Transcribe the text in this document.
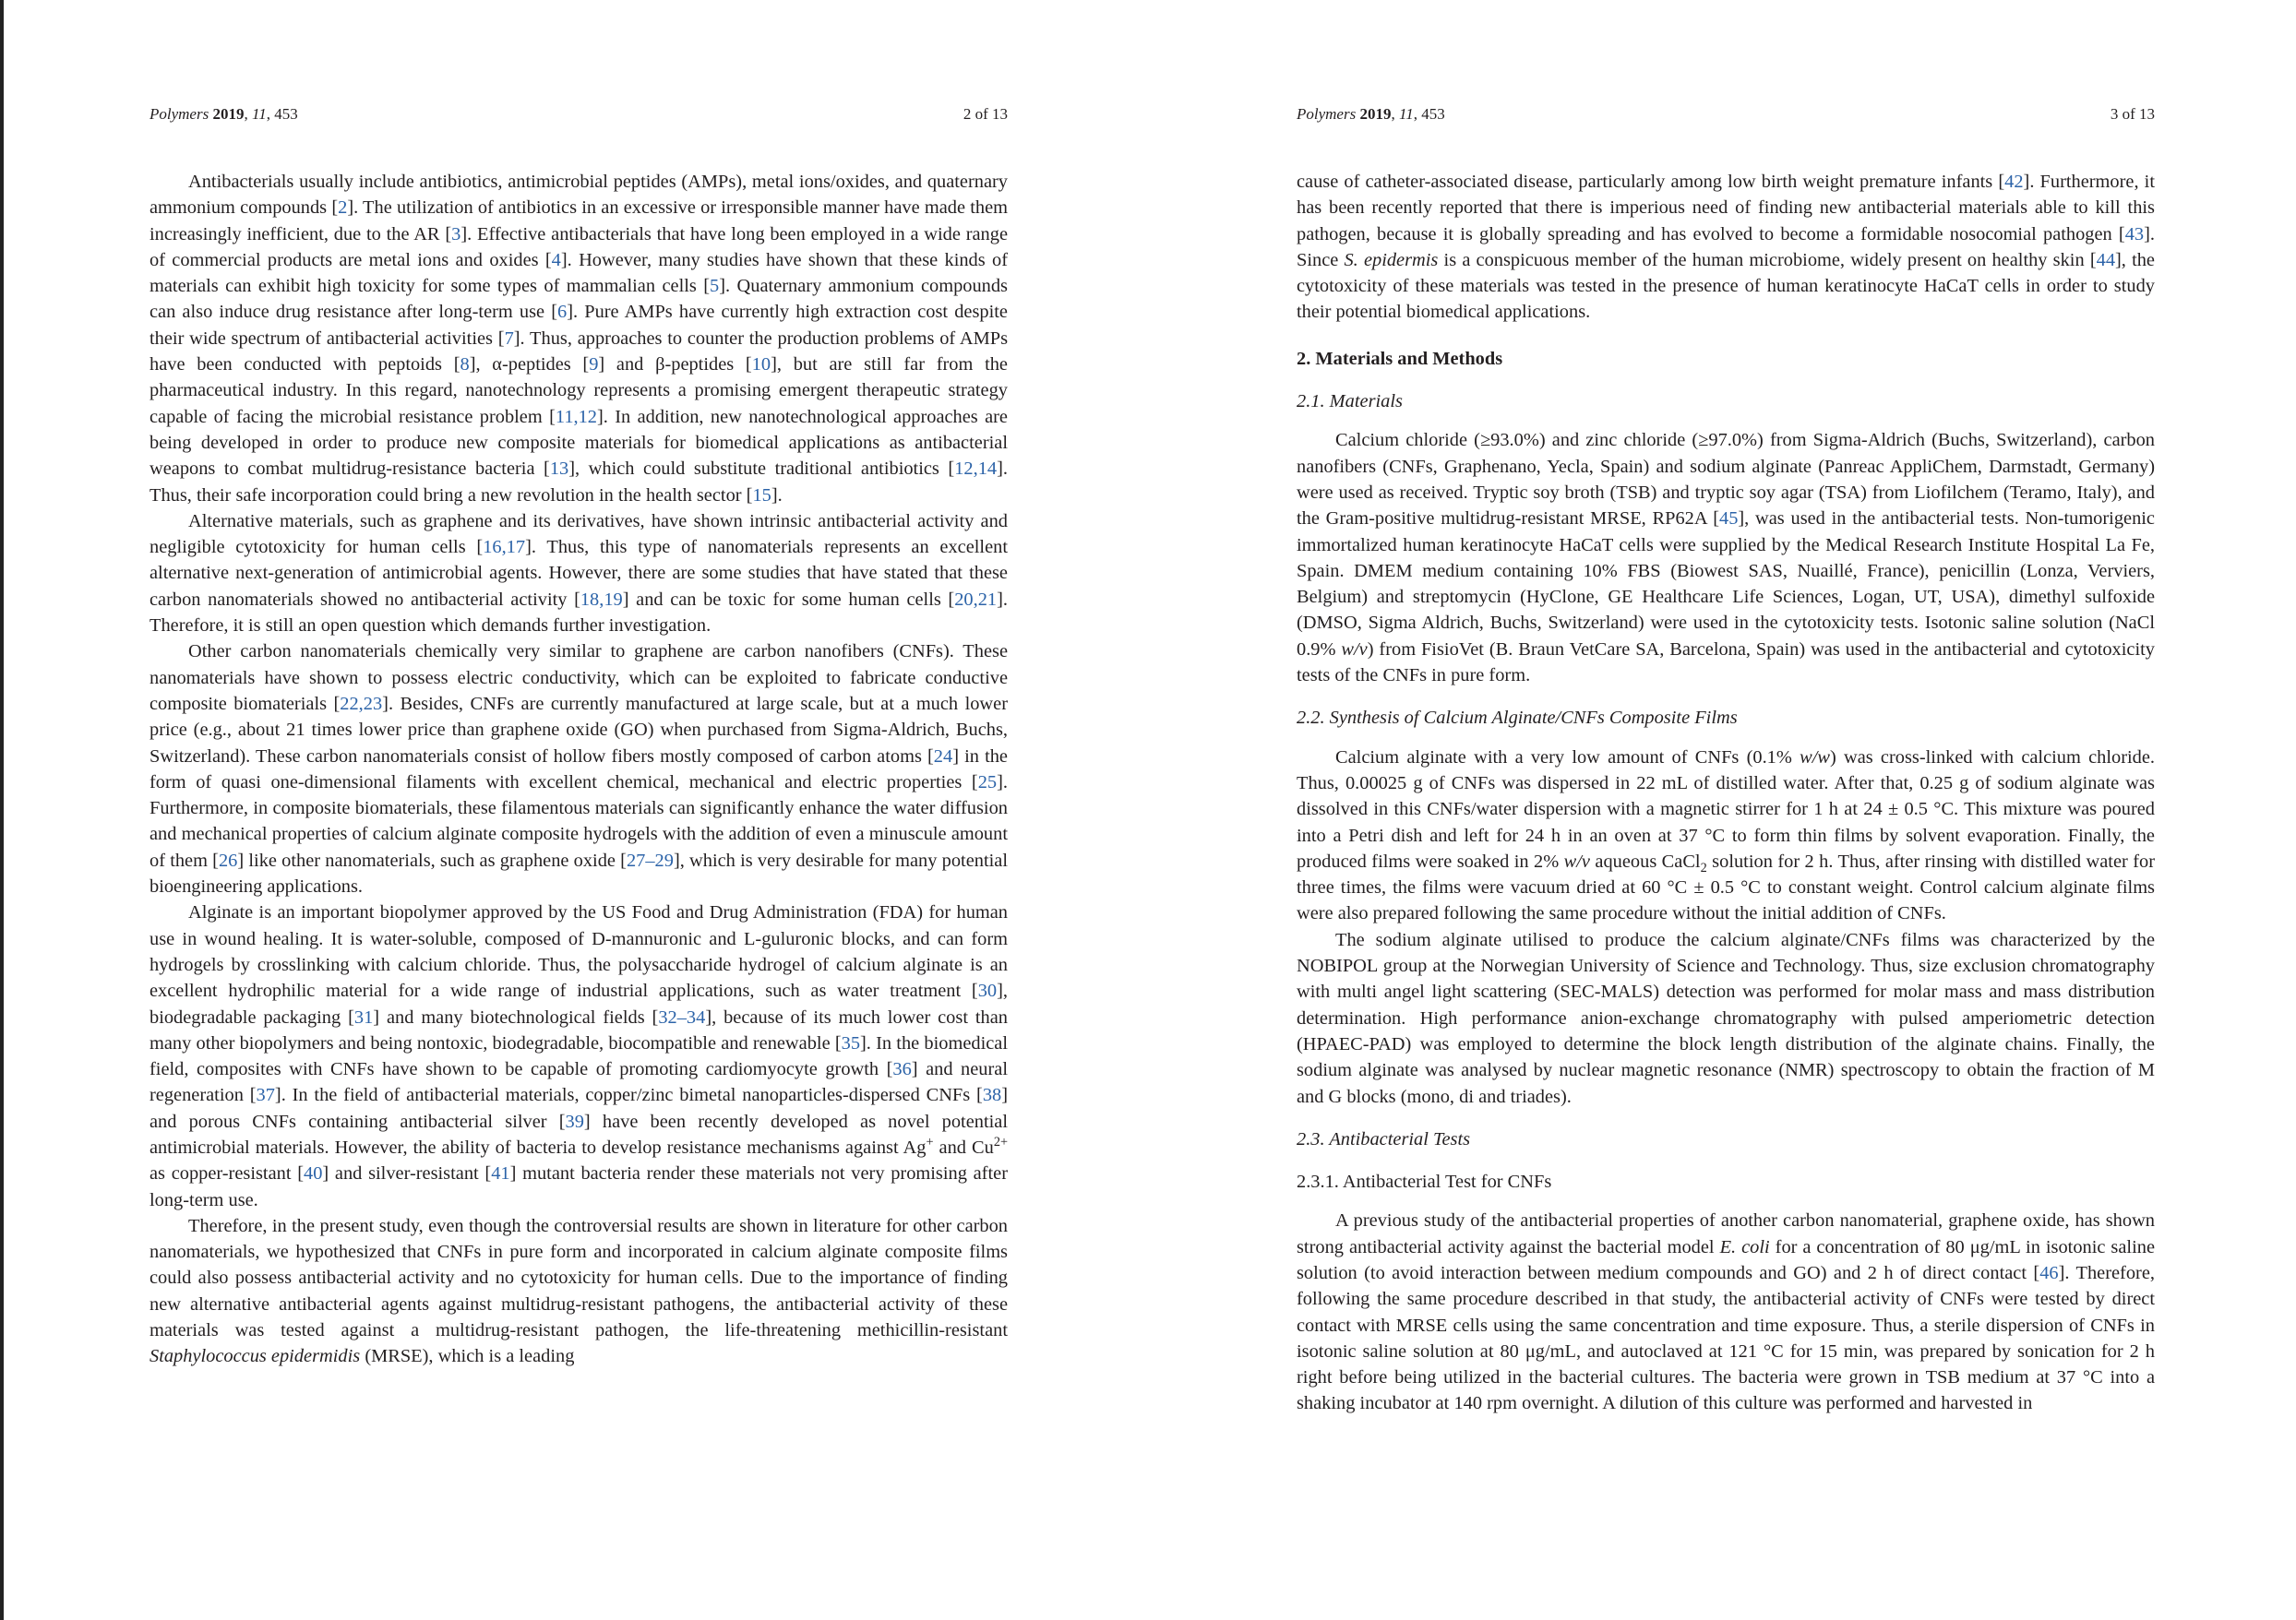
Polymers 2019, 11, 453	2 of 13

Antibacterials usually include antibiotics, antimicrobial peptides (AMPs), metal ions/oxides, and quaternary ammonium compounds [2]. The utilization of antibiotics in an excessive or irresponsible manner have made them increasingly inefficient, due to the AR [3]. Effective antibacterials that have long been employed in a wide range of commercial products are metal ions and oxides [4]. However, many studies have shown that these kinds of materials can exhibit high toxicity for some types of mammalian cells [5]. Quaternary ammonium compounds can also induce drug resistance after long-term use [6]. Pure AMPs have currently high extraction cost despite their wide spectrum of antibacterial activities [7]. Thus, approaches to counter the production problems of AMPs have been conducted with peptoids [8], α-peptides [9] and β-peptides [10], but are still far from the pharmaceutical industry. In this regard, nanotechnology represents a promising emergent therapeutic strategy capable of facing the microbial resistance problem [11,12]. In addition, new nanotechnological approaches are being developed in order to produce new composite materials for biomedical applications as antibacterial weapons to combat multidrug-resistance bacteria [13], which could substitute traditional antibiotics [12,14]. Thus, their safe incorporation could bring a new revolution in the health sector [15].

Alternative materials, such as graphene and its derivatives, have shown intrinsic antibacterial activity and negligible cytotoxicity for human cells [16,17]. Thus, this type of nanomaterials represents an excellent alternative next-generation of antimicrobial agents. However, there are some studies that have stated that these carbon nanomaterials showed no antibacterial activity [18,19] and can be toxic for some human cells [20,21]. Therefore, it is still an open question which demands further investigation.

Other carbon nanomaterials chemically very similar to graphene are carbon nanofibers (CNFs). These nanomaterials have shown to possess electric conductivity, which can be exploited to fabricate conductive composite biomaterials [22,23]. Besides, CNFs are currently manufactured at large scale, but at a much lower price (e.g., about 21 times lower price than graphene oxide (GO) when purchased from Sigma-Aldrich, Buchs, Switzerland). These carbon nanomaterials consist of hollow fibers mostly composed of carbon atoms [24] in the form of quasi one-dimensional filaments with excellent chemical, mechanical and electric properties [25]. Furthermore, in composite biomaterials, these filamentous materials can significantly enhance the water diffusion and mechanical properties of calcium alginate composite hydrogels with the addition of even a minuscule amount of them [26] like other nanomaterials, such as graphene oxide [27–29], which is very desirable for many potential bioengineering applications.

Alginate is an important biopolymer approved by the US Food and Drug Administration (FDA) for human use in wound healing. It is water-soluble, composed of D-mannuronic and L-guluronic blocks, and can form hydrogels by crosslinking with calcium chloride. Thus, the polysaccharide hydrogel of calcium alginate is an excellent hydrophilic material for a wide range of industrial applications, such as water treatment [30], biodegradable packaging [31] and many biotechnological fields [32–34], because of its much lower cost than many other biopolymers and being nontoxic, biodegradable, biocompatible and renewable [35]. In the biomedical field, composites with CNFs have shown to be capable of promoting cardiomyocyte growth [36] and neural regeneration [37]. In the field of antibacterial materials, copper/zinc bimetal nanoparticles-dispersed CNFs [38] and porous CNFs containing antibacterial silver [39] have been recently developed as novel potential antimicrobial materials. However, the ability of bacteria to develop resistance mechanisms against Ag+ and $Cu^{2+}$ as copper-resistant [40] and silver-resistant [41] mutant bacteria render these materials not very promising after long-term use.

Therefore, in the present study, even though the controversial results are shown in literature for other carbon nanomaterials, we hypothesized that CNFs in pure form and incorporated in calcium alginate composite films could also possess antibacterial activity and no cytotoxicity for human cells. Due to the importance of finding new alternative antibacterial agents against multidrug-resistant pathogens, the antibacterial activity of these materials was tested against a multidrug-resistant pathogen, the life-threatening methicillin-resistant Staphylococcus epidermidis (MRSE), which is a leading

Polymers 2019, 11, 453	3 of 13

cause of catheter-associated disease, particularly among low birth weight premature infants [42]. Furthermore, it has been recently reported that there is imperious need of finding new antibacterial materials able to kill this pathogen, because it is globally spreading and has evolved to become a formidable nosocomial pathogen [43]. Since S. epidermis is a conspicuous member of the human microbiome, widely present on healthy skin [44], the cytotoxicity of these materials was tested in the presence of human keratinocyte HaCaT cells in order to study their potential biomedical applications.

2. Materials and Methods

2.1. Materials

Calcium chloride (≥93.0%) and zinc chloride (≥97.0%) from Sigma-Aldrich (Buchs, Switzerland), carbon nanofibers (CNFs, Graphenano, Yecla, Spain) and sodium alginate (Panreac AppliChem, Darmstadt, Germany) were used as received. Tryptic soy broth (TSB) and tryptic soy agar (TSA) from Liofilchem (Teramo, Italy), and the Gram-positive multidrug-resistant MRSE, RP62A [45], was used in the antibacterial tests. Non-tumorigenic immortalized human keratinocyte HaCaT cells were supplied by the Medical Research Institute Hospital La Fe, Spain. DMEM medium containing 10% FBS (Biowest SAS, Nuaillé, France), penicillin (Lonza, Verviers, Belgium) and streptomycin (HyClone, GE Healthcare Life Sciences, Logan, UT, USA), dimethyl sulfoxide (DMSO, Sigma Aldrich, Buchs, Switzerland) were used in the cytotoxicity tests. Isotonic saline solution (NaCl 0.9% w/v) from FisioVet (B. Braun VetCare SA, Barcelona, Spain) was used in the antibacterial and cytotoxicity tests of the CNFs in pure form.

2.2. Synthesis of Calcium Alginate/CNFs Composite Films

Calcium alginate with a very low amount of CNFs (0.1% w/w) was cross-linked with calcium chloride. Thus, 0.00025 g of CNFs was dispersed in 22 mL of distilled water. After that, 0.25 g of sodium alginate was dissolved in this CNFs/water dispersion with a magnetic stirrer for 1 h at 24 ± 0.5 °C. This mixture was poured into a Petri dish and left for 24 h in an oven at 37 °C to form thin films by solvent evaporation. Finally, the produced films were soaked in 2% w/v aqueous CaCl$_2$ solution for 2 h. Thus, after rinsing with distilled water for three times, the films were vacuum dried at 60 °C ± 0.5 °C to constant weight. Control calcium alginate films were also prepared following the same procedure without the initial addition of CNFs.

The sodium alginate utilised to produce the calcium alginate/CNFs films was characterized by the NOBIPOL group at the Norwegian University of Science and Technology. Thus, size exclusion chromatography with multi angel light scattering (SEC-MALS) detection was performed for molar mass and mass distribution determination. High performance anion-exchange chromatography with pulsed amperiometric detection (HPAEC-PAD) was employed to determine the block length distribution of the alginate chains. Finally, the sodium alginate was analysed by nuclear magnetic resonance (NMR) spectroscopy to obtain the fraction of M and G blocks (mono, di and triades).

2.3. Antibacterial Tests

2.3.1. Antibacterial Test for CNFs

A previous study of the antibacterial properties of another carbon nanomaterial, graphene oxide, has shown strong antibacterial activity against the bacterial model E. coli for a concentration of 80 μg/mL in isotonic saline solution (to avoid interaction between medium compounds and GO) and 2 h of direct contact [46]. Therefore, following the same procedure described in that study, the antibacterial activity of CNFs were tested by direct contact with MRSE cells using the same concentration and time exposure. Thus, a sterile dispersion of CNFs in isotonic saline solution at 80 μg/mL, and autoclaved at 121 °C for 15 min, was prepared by sonication for 2 h right before being utilized in the bacterial cultures. The bacteria were grown in TSB medium at 37 °C into a shaking incubator at 140 rpm overnight. A dilution of this culture was performed and harvested in
